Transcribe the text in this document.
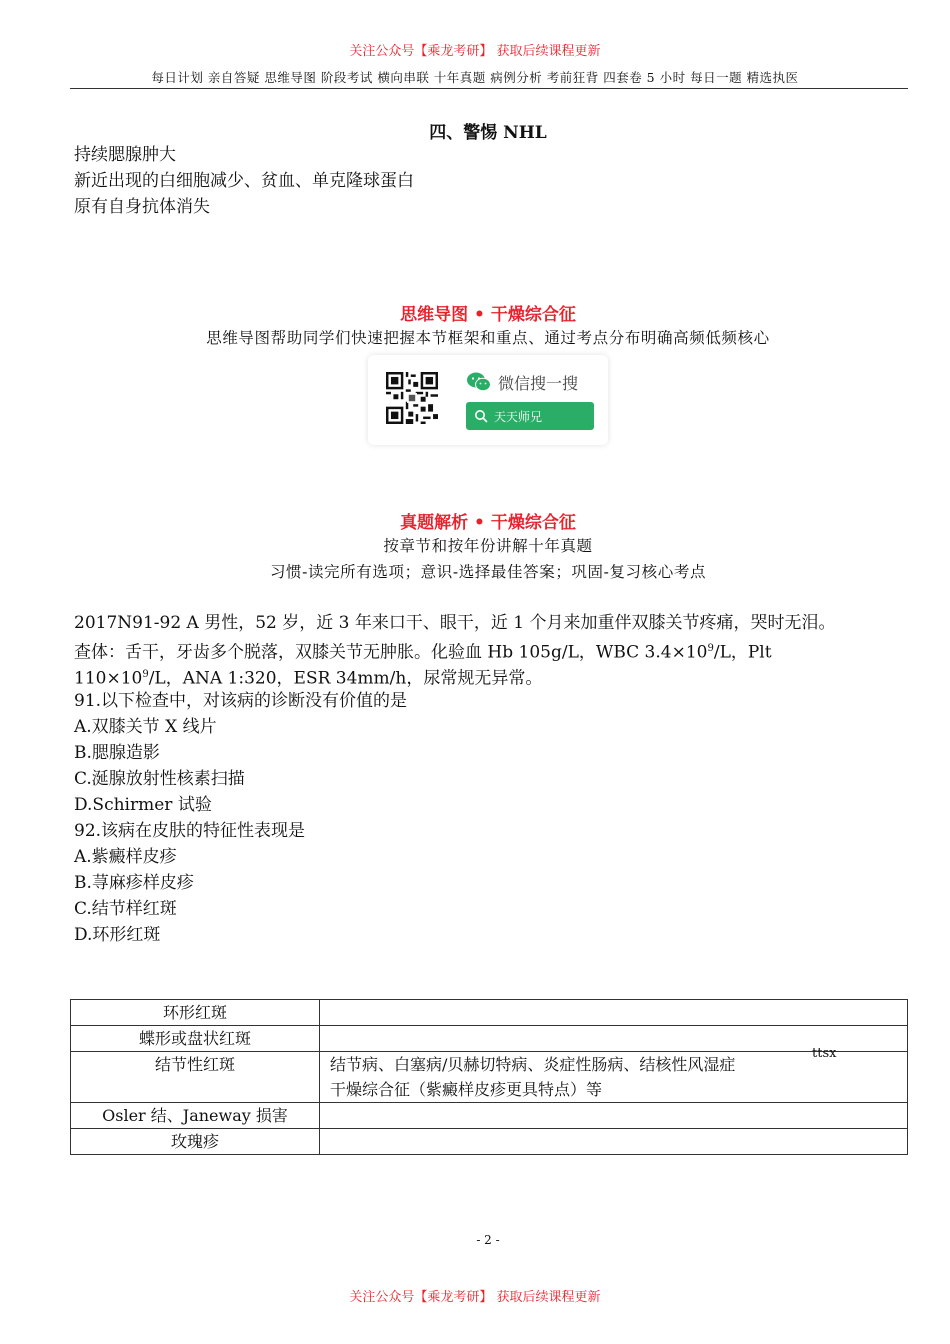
关注公众号【乘龙考研】 获取后续课程更新
每日计划 亲自答疑 思维导图 阶段考试 横向串联 十年真题 病例分析 考前狂背 四套卷 5 小时 每日一题 精选执医
四、警惕 NHL
持续腮腺肿大
新近出现的白细胞减少、贫血、单克隆球蛋白
原有自身抗体消失
思维导图 • 干燥综合征
思维导图帮助同学们快速把握本节框架和重点、通过考点分布明确高频低频核心
微信搜一搜
天天师兄
真题解析 • 干燥综合征
按章节和按年份讲解十年真题
习惯-读完所有选项；意识-选择最佳答案；巩固-复习核心考点
2017N91-92 A 男性，52 岁，近 3 年来口干、眼干，近 1 个月来加重伴双膝关节疼痛，哭时无泪。
查体：舌干，牙齿多个脱落，双膝关节无肿胀。化验血 Hb 105g/L，WBC $3.4\times 10^9/L$，Plt
$110\times 10^9/L$，ANA 1:320，ESR 34mm/h，尿常规无异常。
91.以下检查中，对该病的诊断没有价值的是
A.双膝关节 X 线片
B.腮腺造影
C.涎腺放射性核素扫描
D.Schirmer 试验
92.该病在皮肤的特征性表现是
A.紫癜样皮疹
B.荨麻疹样皮疹
C.结节样红斑
D.环形红斑
环形红斑	
蝶形或盘状红斑	
结节性红斑	结节病、白塞病/贝赫切特病、炎症性肠病、结核性风湿症
干燥综合征（紫癜样皮疹更具特点）等

Osler 结、Janeway 损害	
玫瑰疹	
ttsx
- 2 -
关注公众号【乘龙考研】 获取后续课程更新
